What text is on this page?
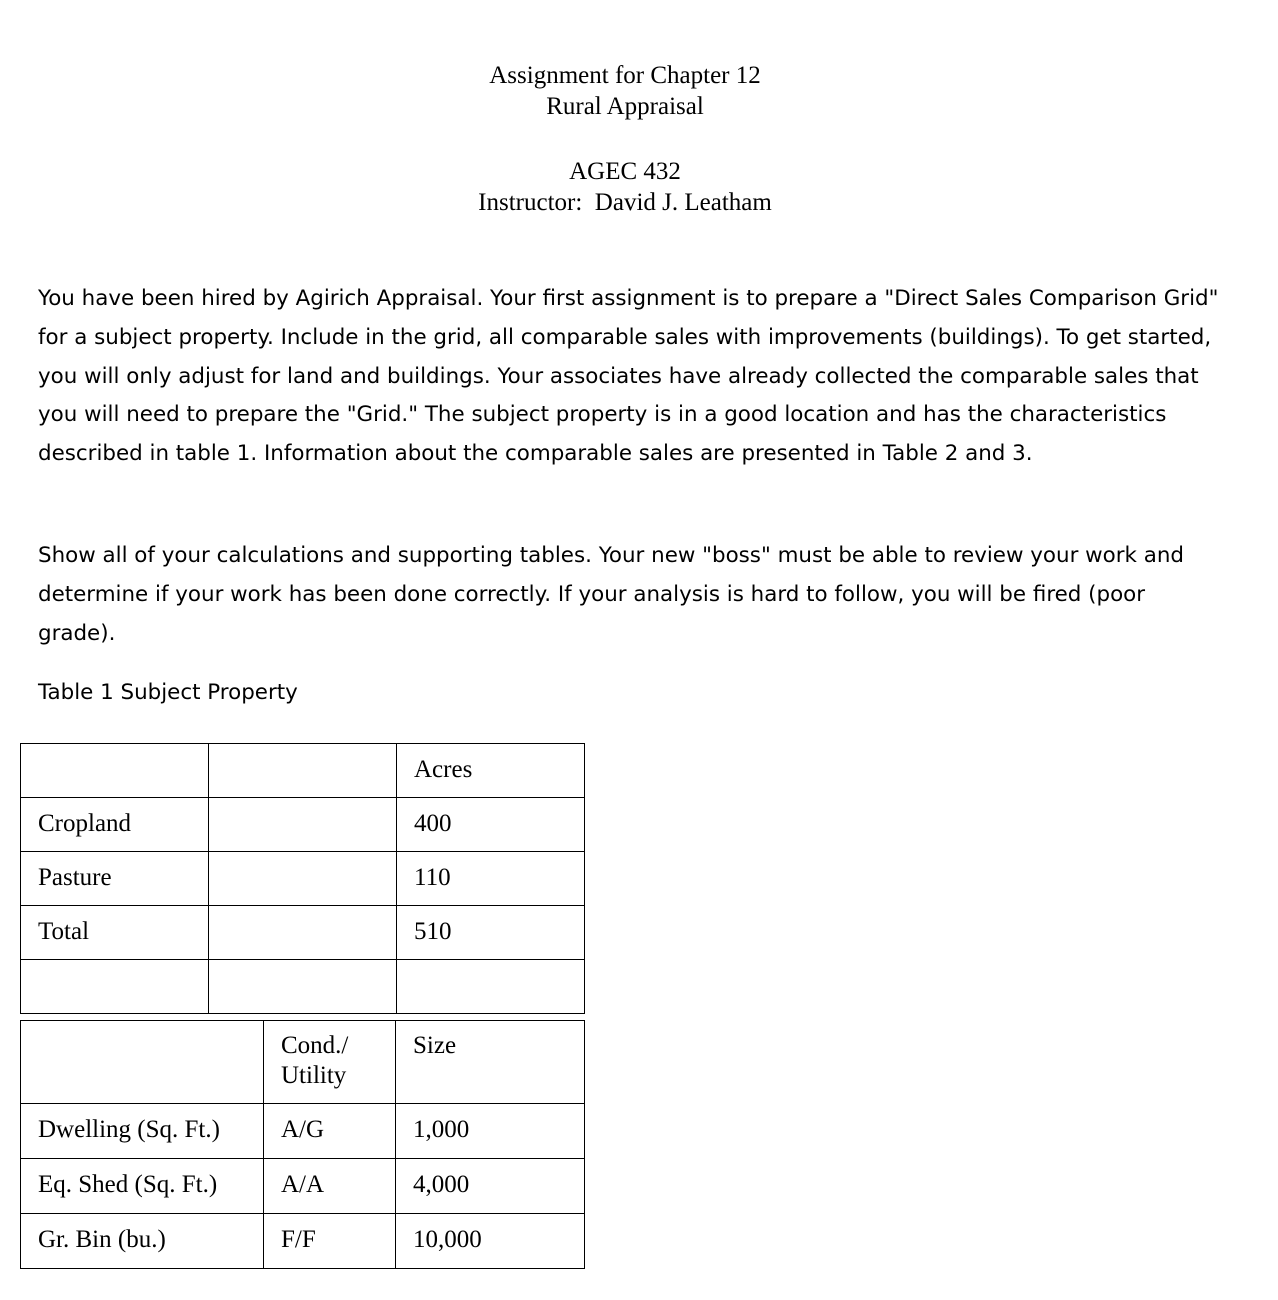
Assignment for Chapter 12
Rural Appraisal
AGEC 432
Instructor:  David J. Leatham
You have been hired by Agirich Appraisal. Your first assignment is to prepare a "Direct Sales Comparison Grid" for a subject property. Include in the grid, all comparable sales with improvements (buildings). To get started, you will only adjust for land and buildings. Your associates have already collected the comparable sales that you will need to prepare the "Grid." The subject property is in a good location and has the characteristics described in table 1. Information about the comparable sales are presented in Table 2 and 3.
Show all of your calculations and supporting tables. Your new "boss" must be able to review your work and determine if your work has been done correctly. If your analysis is hard to follow, you will be fired (poor grade).
Table 1 Subject Property
		Acres
Cropland		400
Pasture		110
Total		510

	Cond./ Utility	Size
Dwelling (Sq. Ft.)	A/G	1,000
Eq. Shed (Sq. Ft.)	A/A	4,000
Gr. Bin (bu.)	F/F	10,000
